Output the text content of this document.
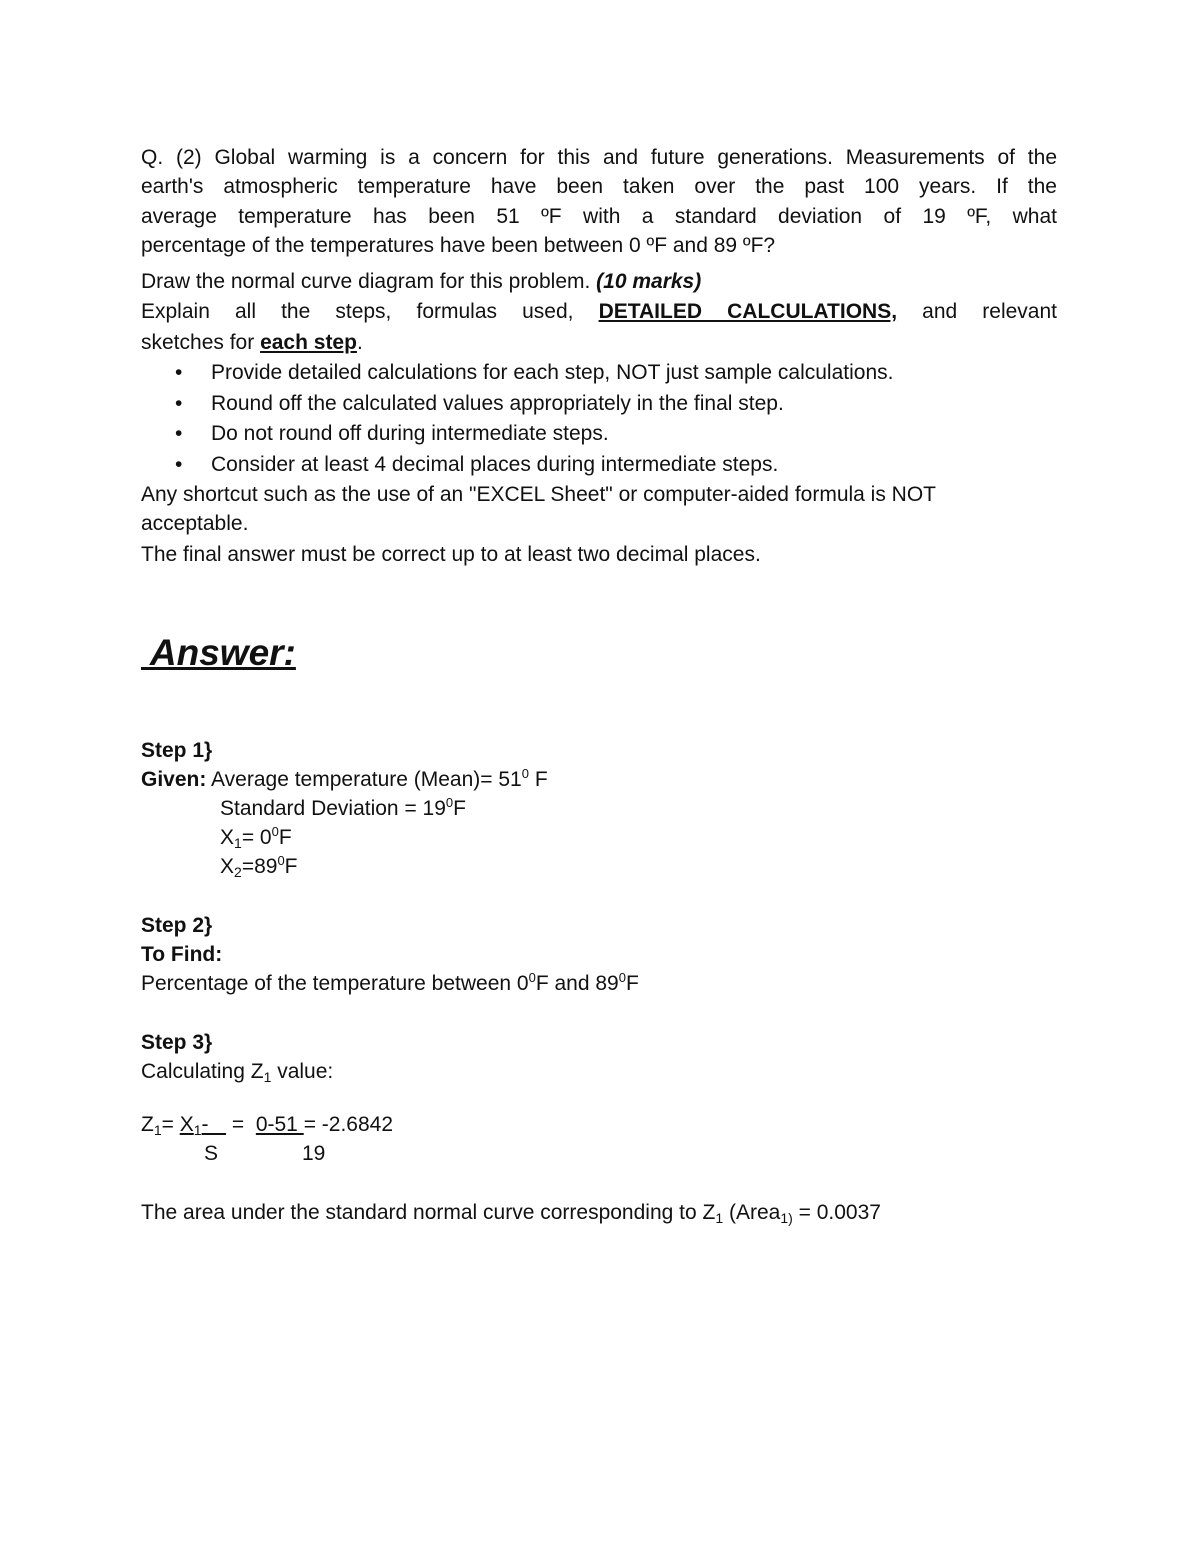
Q. (2) Global warming is a concern for this and future generations. Measurements of the
earth's atmospheric temperature have been taken over the past 100 years. If the
average temperature has been 51 ºF with a standard deviation of 19 ºF, what
percentage of the temperatures have been between 0 ºF and 89 ºF?
Draw the normal curve diagram for this problem. (10 marks)
Explain all the steps, formulas used, DETAILED CALCULATIONS, and relevant
sketches for each step.
• Provide detailed calculations for each step, NOT just sample calculations.
• Round off the calculated values appropriately in the final step.
• Do not round off during intermediate steps.
• Consider at least 4 decimal places during intermediate steps.
Any shortcut such as the use of an "EXCEL Sheet" or computer-aided formula is NOT
acceptable.
The final answer must be correct up to at least two decimal places.
Answer:
Step 1}
Given: Average temperature (Mean)= $51^0$ F
Standard Deviation = $19^0F$
$X_1= 0^0F$
$X_2=89^0F$
Step 2}
To Find:
Percentage of the temperature between $0^0F$ and $89^0F$
Step 3}
Calculating $Z_1$ value:
$Z_1= X_1-$    =  0-51 = -2.6842
S	19
The area under the standard normal curve corresponding to $Z_1$ (Area$_{1)}$ = 0.0037
